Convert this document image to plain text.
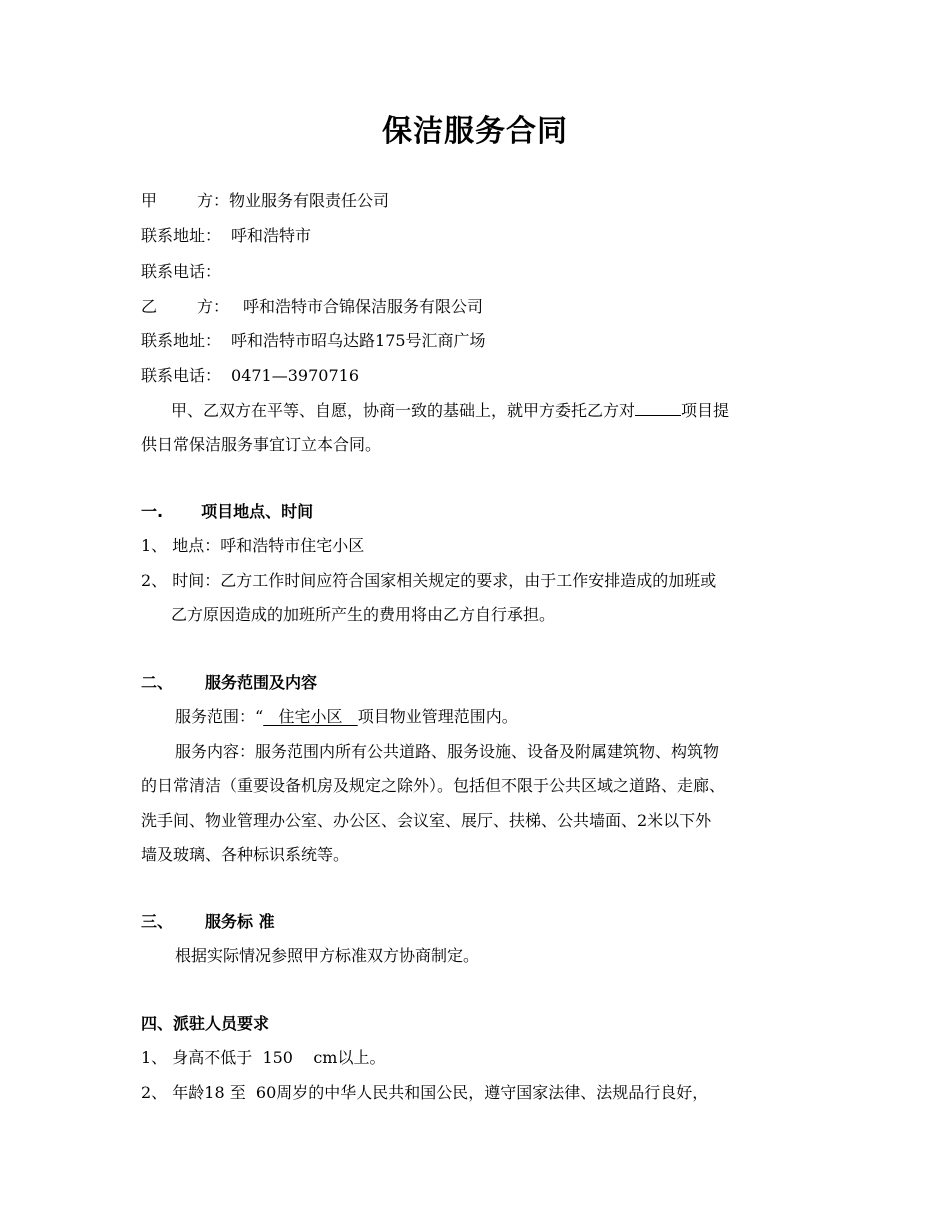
保洁服务合同
甲	方：物业服务有限责任公司
联系地址： 呼和浩特市
联系电话：
乙	方： 呼和浩特市合锦保洁服务有限公司
联系地址： 呼和浩特市昭乌达路175号汇商广场
联系电话： 0471—3970716
甲、乙双方在平等、自愿，协商一致的基础上，就甲方委托乙方对	项目提
供日常保洁服务事宜订立本合同。
一. 项目地点、时间
1、 地点：呼和浩特市住宅小区
2、 时间：乙方工作时间应符合国家相关规定的要求，由于工作安排造成的加班或
乙方原因造成的加班所产生的费用将由乙方自行承担。
二、 服务范围及内容
服务范围：“   住宅小区   项目物业管理范围内。
服务内容：服务范围内所有公共道路、服务设施、设备及附属建筑物、构筑物
的日常清洁（重要设备机房及规定之除外）。包括但不限于公共区域之道路、走廊、
洗手间、物业管理办公室、办公区、会议室、展厅、扶梯、公共墙面、2米以下外
墙及玻璃、各种标识系统等。
三、 服务标 准
根据实际情况参照甲方标准双方协商制定。
四、派驻人员要求
1、 身高不低于  150    cm以上。
2、 年龄18 至  60周岁的中华人民共和国公民，遵守国家法律、法规品行良好，
